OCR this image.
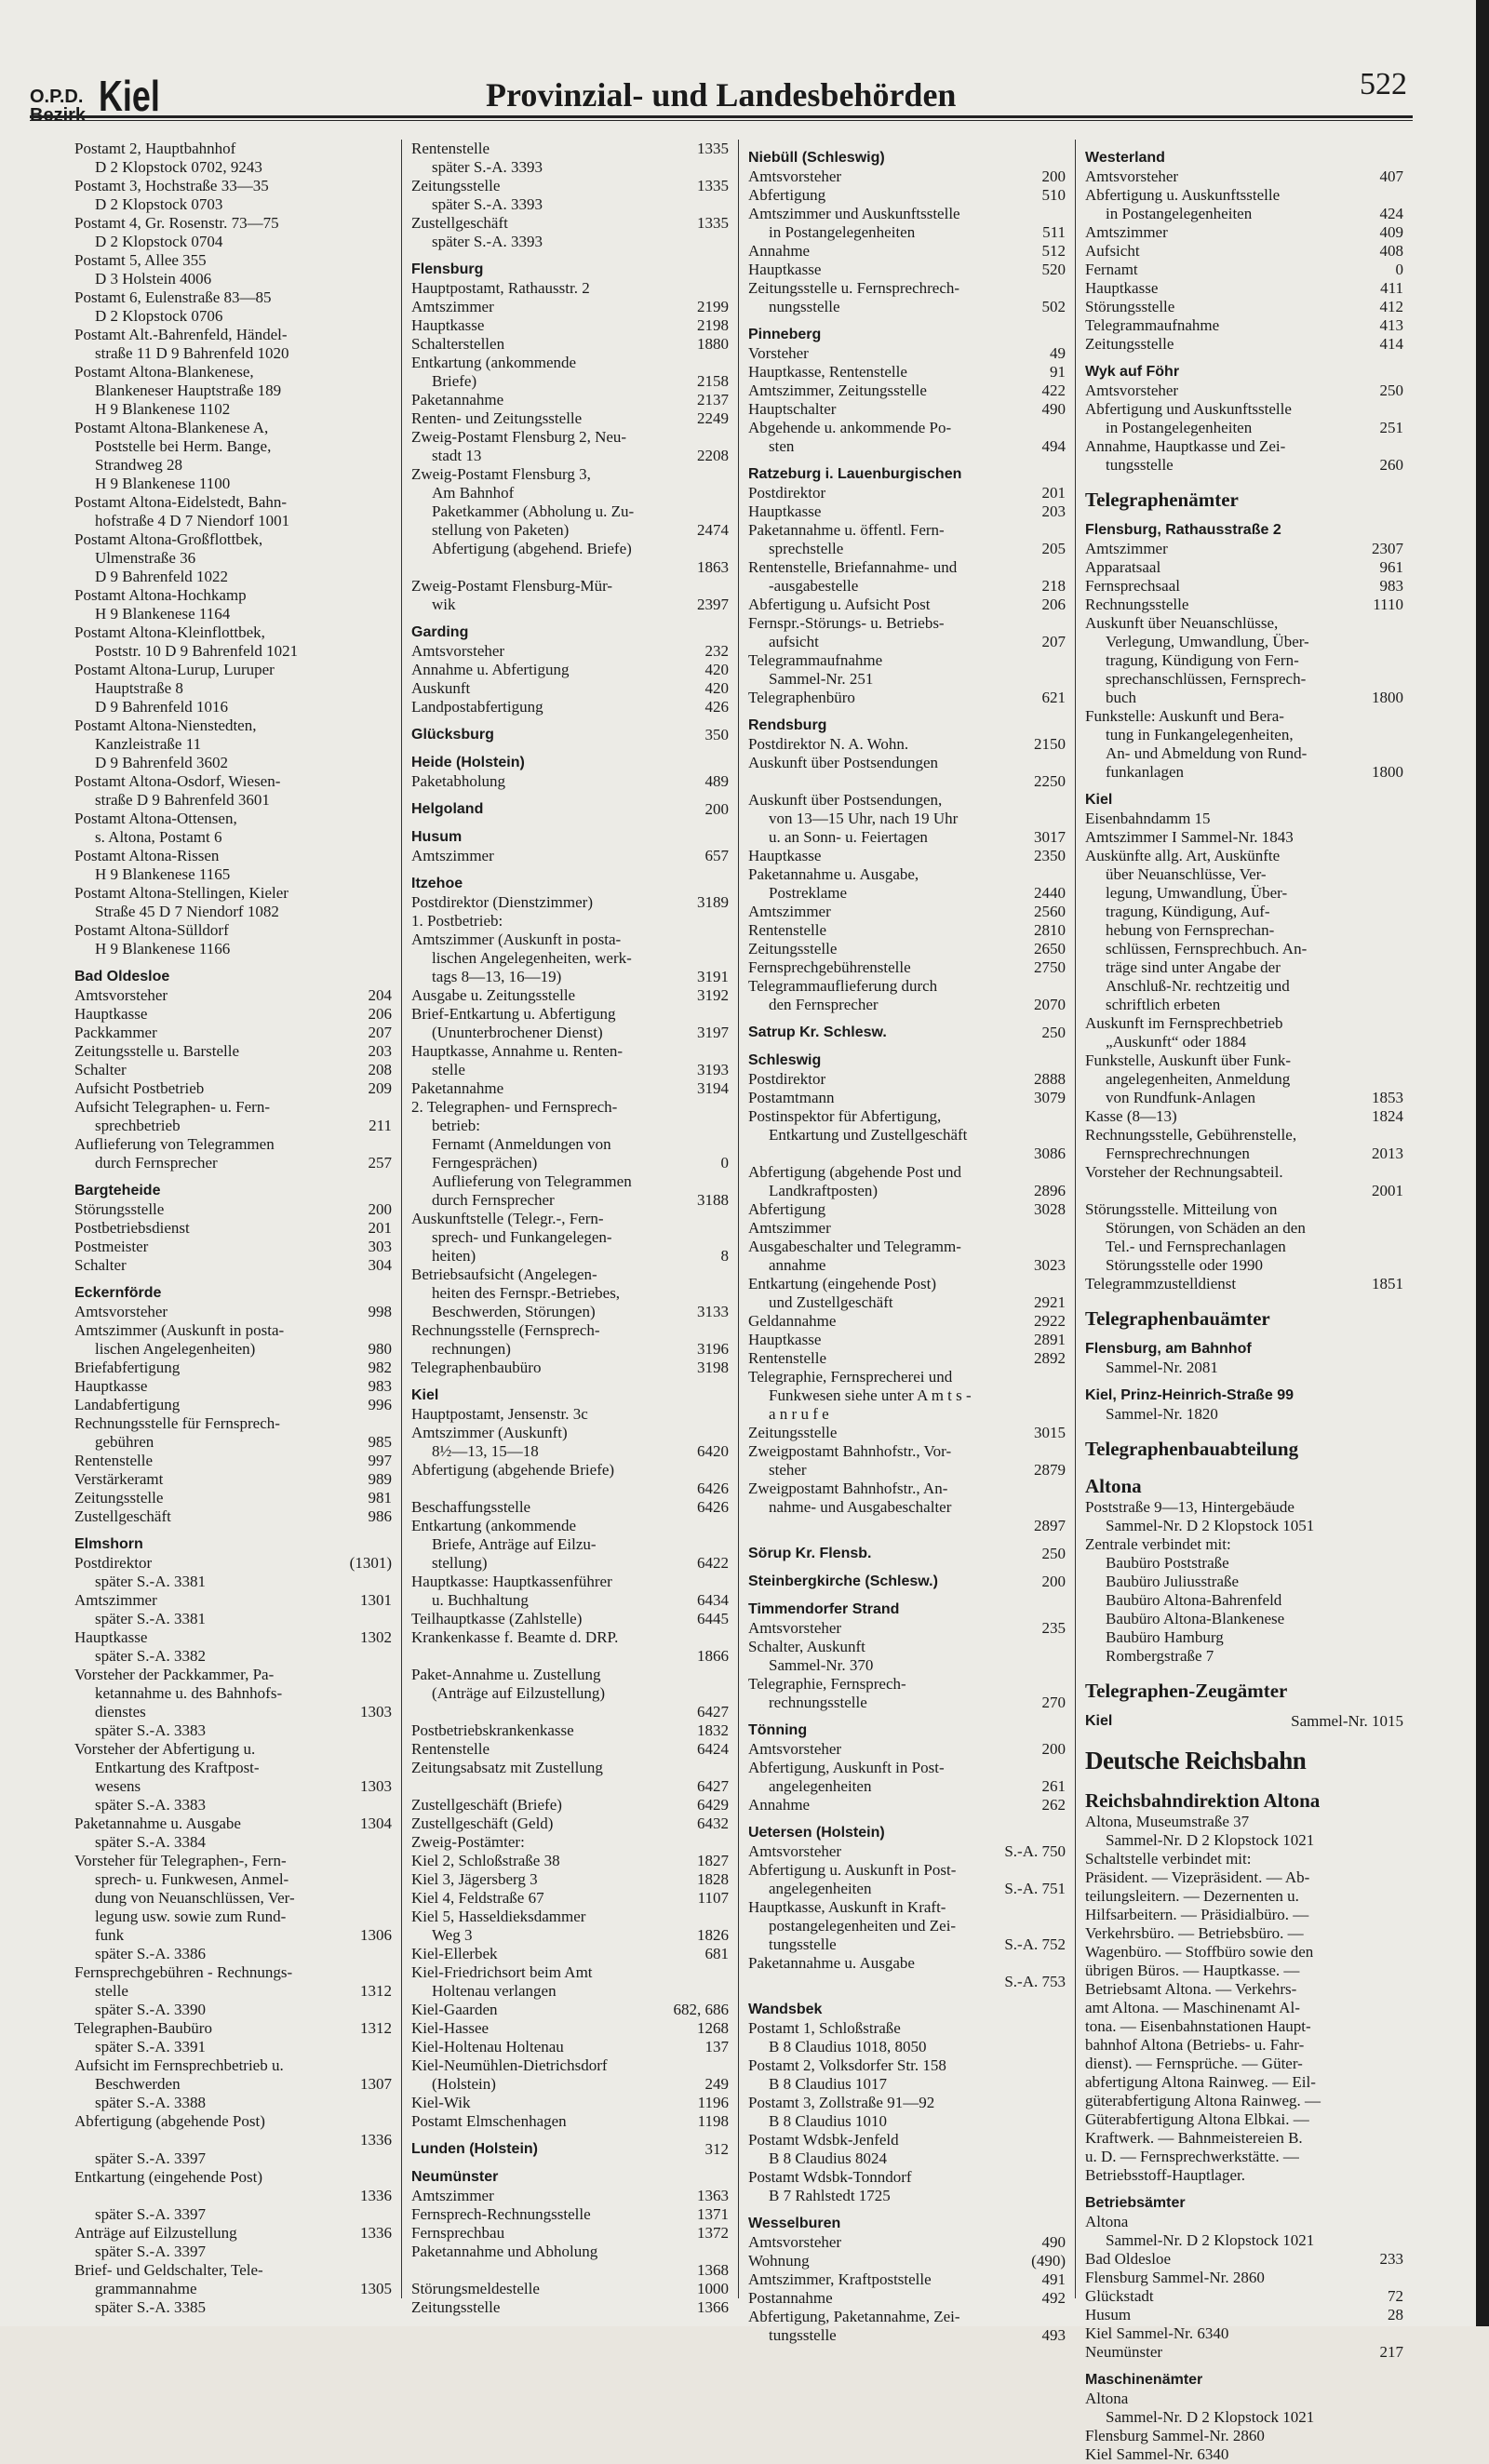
O.P.D.
Bezirk Kiel	Provinzial- und Landesbehörden	522
Postamt 2, Hauptbahnhof
D 2 Klopstock 0702, 9243
Postamt 3, Hochstraße 33—35
D 2 Klopstock 0703
Postamt 4, Gr. Rosenstr. 73—75
D 2 Klopstock 0704
Postamt 5, Allee 355
D 3 Holstein 4006
Postamt 6, Eulenstraße 83—85
D 2 Klopstock 0706
Postamt Alt.-Bahrenfeld, Händel-
straße 11 D 9 Bahrenfeld 1020
Postamt Altona-Blankenese,
Blankeneser Hauptstraße 189
H 9 Blankenese 1102
Postamt Altona-Blankenese A,
Poststelle bei Herm. Bange,
Strandweg 28
H 9 Blankenese 1100
Postamt Altona-Eidelstedt, Bahn-
hofstraße 4 D 7 Niendorf 1001
Postamt Altona-Großflottbek,
Ulmenstraße 36
D 9 Bahrenfeld 1022
Postamt Altona-Hochkamp
H 9 Blankenese 1164
Postamt Altona-Kleinflottbek,
Poststr. 10 D 9 Bahrenfeld 1021
Postamt Altona-Lurup, Luruper
Hauptstraße 8
D 9 Bahrenfeld 1016
Postamt Altona-Nienstedten,
Kanzleistraße 11
D 9 Bahrenfeld 3602
Postamt Altona-Osdorf, Wiesen-
straße D 9 Bahrenfeld 3601
Postamt Altona-Ottensen,
s. Altona, Postamt 6
Postamt Altona-Rissen
H 9 Blankenese 1165
Postamt Altona-Stellingen, Kieler
Straße 45 D 7 Niendorf 1082
Postamt Altona-Sülldorf
H 9 Blankenese 1166
Bad Oldesloe
Amtsvorsteher	204
Hauptkasse	206
Packkammer	207
Zeitungsstelle u. Barstelle	203
Schalter	208
Aufsicht Postbetrieb	209
Aufsicht Telegraphen- u. Fern-
sprechbetrieb	211
Auflieferung von Telegrammen
durch Fernsprecher	257
Bargteheide
Störungsstelle	200
Postbetriebsdienst	201
Postmeister	303
Schalter	304
Eckernförde
Amtsvorsteher	998
Amtszimmer (Auskunft in posta-
lischen Angelegenheiten)	980
Briefabfertigung	982
Hauptkasse	983
Landabfertigung	996
Rechnungsstelle für Fernsprech-
gebühren	985
Rentenstelle	997
Verstärkeramt	989
Zeitungsstelle	981
Zustellgeschäft	986
Elmshorn
Postdirektor	(1301)
später S.-A. 3381
Amtszimmer	1301
später S.-A. 3381
Hauptkasse	1302
später S.-A. 3382
Vorsteher der Packkammer, Pa-
ketannahme u. des Bahnhofs-
dienstes	1303
später S.-A. 3383
Vorsteher der Abfertigung u.
Entkartung des Kraftpost-
wesens	1303
später S.-A. 3383
Paketannahme u. Ausgabe	1304
später S.-A. 3384
Vorsteher für Telegraphen-, Fern-
sprech- u. Funkwesen, Anmel-
dung von Neuanschlüssen, Ver-
legung usw. sowie zum Rund-
funk	1306
später S.-A. 3386
Fernsprechgebühren - Rechnungs-
stelle	1312
später S.-A. 3390
Telegraphen-Baubüro	1312
später S.-A. 3391
Aufsicht im Fernsprechbetrieb u.
Beschwerden	1307
später S.-A. 3388
Abfertigung (abgehende Post)
1336
später S.-A. 3397
Entkartung (eingehende Post)
1336
später S.-A. 3397
Anträge auf Eilzustellung	1336
später S.-A. 3397
Brief- und Geldschalter, Tele-
grammannahme	1305
später S.-A. 3385
Rentenstelle	1335
später S.-A. 3393
Zeitungsstelle	1335
später S.-A. 3393
Zustellgeschäft	1335
später S.-A. 3393
Flensburg
Hauptpostamt, Rathausstr. 2
Amtszimmer	2199
Hauptkasse	2198
Schalterstellen	1880
Entkartung (ankommende
Briefe)	2158
Paketannahme	2137
Renten- und Zeitungsstelle	2249
Zweig-Postamt Flensburg 2, Neu-
stadt 13	2208
Zweig-Postamt Flensburg 3,
Am Bahnhof
Paketkammer (Abholung u. Zu-
stellung von Paketen)	2474
Abfertigung (abgehend. Briefe)
1863
Zweig-Postamt Flensburg-Mür-
wik	2397
Garding
Amtsvorsteher	232
Annahme u. Abfertigung	420
Auskunft	420
Landpostabfertigung	426
Glücksburg	350
Heide (Holstein)
Paketabholung	489
Helgoland	200
Husum
Amtszimmer	657
Itzehoe
Postdirektor (Dienstzimmer)	3189
1. Postbetrieb:
Amtszimmer (Auskunft in posta-
lischen Angelegenheiten, werk-
tags 8—13, 16—19)	3191
Ausgabe u. Zeitungsstelle	3192
Brief-Entkartung u. Abfertigung
(Ununterbrochener Dienst)	3197
Hauptkasse, Annahme u. Renten-
stelle	3193
Paketannahme	3194
2. Telegraphen- und Fernsprech-
betrieb:
Fernamt (Anmeldungen von
Ferngesprächen)	0
Auflieferung von Telegrammen
durch Fernsprecher	3188
Auskunftstelle (Telegr.-, Fern-
sprech- und Funkangelegen-
heiten)	8
Betriebsaufsicht (Angelegen-
heiten des Fernspr.-Betriebes,
Beschwerden, Störungen)	3133
Rechnungsstelle (Fernsprech-
rechnungen)	3196
Telegraphenbaubüro	3198
Kiel
Hauptpostamt, Jensenstr. 3c
Amtszimmer (Auskunft)
8½—13, 15—18	6420
Abfertigung (abgehende Briefe)
6426
Beschaffungsstelle	6426
Entkartung (ankommende
Briefe, Anträge auf Eilzu-
stellung)	6422
Hauptkasse: Hauptkassenführer
u. Buchhaltung	6434
Teilhauptkasse (Zahlstelle)	6445
Krankenkasse f. Beamte d. DRP.
1866
Paket-Annahme u. Zustellung
(Anträge auf Eilzustellung)
6427
Postbetriebskrankenkasse	1832
Rentenstelle	6424
Zeitungsabsatz mit Zustellung
6427
Zustellgeschäft (Briefe)	6429
Zustellgeschäft (Geld)	6432
Zweig-Postämter:
Kiel 2, Schloßstraße 38	1827
Kiel 3, Jägersberg 3	1828
Kiel 4, Feldstraße 67	1107
Kiel 5, Hasseldieksdammer
Weg 3	1826
Kiel-Ellerbek	681
Kiel-Friedrichsort beim Amt
Holtenau verlangen
Kiel-Gaarden	682, 686
Kiel-Hassee	1268
Kiel-Holtenau Holtenau	137
Kiel-Neumühlen-Dietrichsdorf
(Holstein)	249
Kiel-Wik	1196
Postamt Elmschenhagen	1198
Lunden (Holstein)	312
Neumünster
Amtszimmer	1363
Fernsprech-Rechnungsstelle	1371
Fernsprechbau	1372
Paketannahme und Abholung
1368
Störungsmeldestelle	1000
Zeitungsstelle	1366
Niebüll (Schleswig)
Amtsvorsteher	200
Abfertigung	510
Amtszimmer und Auskunftsstelle
in Postangelegenheiten	511
Annahme	512
Hauptkasse	520
Zeitungsstelle u. Fernsprechrech-
nungsstelle	502
Pinneberg
Vorsteher	49
Hauptkasse, Rentenstelle	91
Amtszimmer, Zeitungsstelle	422
Hauptschalter	490
Abgehende u. ankommende Po-
sten	494
Ratzeburg i. Lauenburgischen
Postdirektor	201
Hauptkasse	203
Paketannahme u. öffentl. Fern-
sprechstelle	205
Rentenstelle, Briefannahme- und
-ausgabestelle	218
Abfertigung u. Aufsicht Post	206
Fernspr.-Störungs- u. Betriebs-
aufsicht	207
Telegrammaufnahme
Sammel-Nr. 251
Telegraphenbüro	621
Rendsburg
Postdirektor N. A. Wohn.	2150
Auskunft über Postsendungen
2250
Auskunft über Postsendungen,
von 13—15 Uhr, nach 19 Uhr
u. an Sonn- u. Feiertagen	3017
Hauptkasse	2350
Paketannahme u. Ausgabe,
Postreklame	2440
Amtszimmer	2560
Rentenstelle	2810
Zeitungsstelle	2650
Fernsprechgebührenstelle	2750
Telegrammauflieferung durch
den Fernsprecher	2070
Satrup Kr. Schlesw.	250
Schleswig
Postdirektor	2888
Postamtmann	3079
Postinspektor für Abfertigung,
Entkartung und Zustellgeschäft
3086
Abfertigung (abgehende Post und
Landkraftposten)	2896
Abfertigung	3028
Amtszimmer
Ausgabeschalter und Telegramm-
annahme	3023
Entkartung (eingehende Post)
und Zustellgeschäft	2921
Geldannahme	2922
Hauptkasse	2891
Rentenstelle	2892
Telegraphie, Fernsprecherei und
Funkwesen siehe unter A m t s -
a n r u f e
Zeitungsstelle	3015
Zweigpostamt Bahnhofstr., Vor-
steher	2879
Zweigpostamt Bahnhofstr., An-
nahme- und Ausgabeschalter
2897
Sörup Kr. Flensb.	250
Steinbergkirche (Schlesw.)	200
Timmendorfer Strand
Amtsvorsteher	235
Schalter, Auskunft
Sammel-Nr. 370
Telegraphie, Fernsprech-
rechnungsstelle	270
Tönning
Amtsvorsteher	200
Abfertigung, Auskunft in Post-
angelegenheiten	261
Annahme	262
Uetersen (Holstein)
Amtsvorsteher	S.-A. 750
Abfertigung u. Auskunft in Post-
angelegenheiten	S.-A. 751
Hauptkasse, Auskunft in Kraft-
postangelegenheiten und Zei-
tungsstelle	S.-A. 752
Paketannahme u. Ausgabe
S.-A. 753
Wandsbek
Postamt 1, Schloßstraße
B 8 Claudius 1018, 8050
Postamt 2, Volksdorfer Str. 158
B 8 Claudius 1017
Postamt 3, Zollstraße 91—92
B 8 Claudius 1010
Postamt Wdsbk-Jenfeld
B 8 Claudius 8024
Postamt Wdsbk-Tonndorf
B 7 Rahlstedt 1725
Wesselburen
Amtsvorsteher	490
Wohnung	(490)
Amtszimmer, Kraftpoststelle	491
Postannahme	492
Abfertigung, Paketannahme, Zei-
tungsstelle	493
Westerland
Amtsvorsteher	407
Abfertigung u. Auskunftsstelle
in Postangelegenheiten	424
Amtszimmer	409
Aufsicht	408
Fernamt	0
Hauptkasse	411
Störungsstelle	412
Telegrammaufnahme	413
Zeitungsstelle	414
Wyk auf Föhr
Amtsvorsteher	250
Abfertigung und Auskunftsstelle
in Postangelegenheiten	251
Annahme, Hauptkasse und Zei-
tungsstelle	260
Telegraphenämter
Flensburg, Rathausstraße 2
Amtszimmer	2307
Apparatsaal	961
Fernsprechsaal	983
Rechnungsstelle	1110
Auskunft über Neuanschlüsse,
Verlegung, Umwandlung, Über-
tragung, Kündigung von Fern-
sprechanschlüssen, Fernsprech-
buch	1800
Funkstelle: Auskunft und Bera-
tung in Funkangelegenheiten,
An- und Abmeldung von Rund-
funkanlagen	1800
Kiel
Eisenbahndamm 15
Amtszimmer I Sammel-Nr. 1843
Auskünfte allg. Art, Auskünfte
über Neuanschlüsse, Ver-
legung, Umwandlung, Über-
tragung, Kündigung, Auf-
hebung von Fernsprechan-
schlüssen, Fernsprechbuch. An-
träge sind unter Angabe der
Anschluß-Nr. rechtzeitig und
schriftlich erbeten
Auskunft im Fernsprechbetrieb
„Auskunft“ oder 1884
Funkstelle, Auskunft über Funk-
angelegenheiten, Anmeldung
von Rundfunk-Anlagen	1853
Kasse (8—13)	1824
Rechnungsstelle, Gebührenstelle,
Fernsprechrechnungen	2013
Vorsteher der Rechnungsabteil.
2001
Störungsstelle. Mitteilung von
Störungen, von Schäden an den
Tel.- und Fernsprechanlagen
Störungsstelle oder 1990
Telegrammzustelldienst	1851
Telegraphenbauämter
Flensburg, am Bahnhof
Sammel-Nr. 2081
Kiel, Prinz-Heinrich-Straße 99
Sammel-Nr. 1820
Telegraphenbauabteilung
Altona
Poststraße 9—13, Hintergebäude
Sammel-Nr. D 2 Klopstock 1051
Zentrale verbindet mit:
Baubüro Poststraße
Baubüro Juliusstraße
Baubüro Altona-Bahrenfeld
Baubüro Altona-Blankenese
Baubüro Hamburg
Rombergstraße 7
Telegraphen-Zeugämter
Kiel	Sammel-Nr. 1015
Deutsche Reichsbahn
Reichsbahndirektion Altona
Altona, Museumstraße 37
Sammel-Nr. D 2 Klopstock 1021
Schaltstelle verbindet mit:
Präsident. — Vizepräsident. — Ab-
teilungsleitern. — Dezernenten u.
Hilfsarbeitern. — Präsidialbüro. —
Verkehrsbüro. — Betriebsbüro. —
Wagenbüro. — Stoffbüro sowie den
übrigen Büros. — Hauptkasse. —
Betriebsamt Altona. — Verkehrs-
amt Altona. — Maschinenamt Al-
tona. — Eisenbahnstationen Haupt-
bahnhof Altona (Betriebs- u. Fahr-
dienst). — Fernsprüche. — Güter-
abfertigung Altona Rainweg. — Eil-
güterabfertigung Altona Rainweg. —
Güterabfertigung Altona Elbkai. —
Kraftwerk. — Bahnmeistereien B.
u. D. — Fernsprechwerkstätte. —
Betriebsstoff-Hauptlager.
Betriebsämter
Altona
Sammel-Nr. D 2 Klopstock 1021
Bad Oldesloe	233
Flensburg Sammel-Nr. 2860
Glückstadt	72
Husum	28
Kiel Sammel-Nr. 6340
Neumünster	217
Maschinenämter
Altona
Sammel-Nr. D 2 Klopstock 1021
Flensburg Sammel-Nr. 2860
Kiel Sammel-Nr. 6340
